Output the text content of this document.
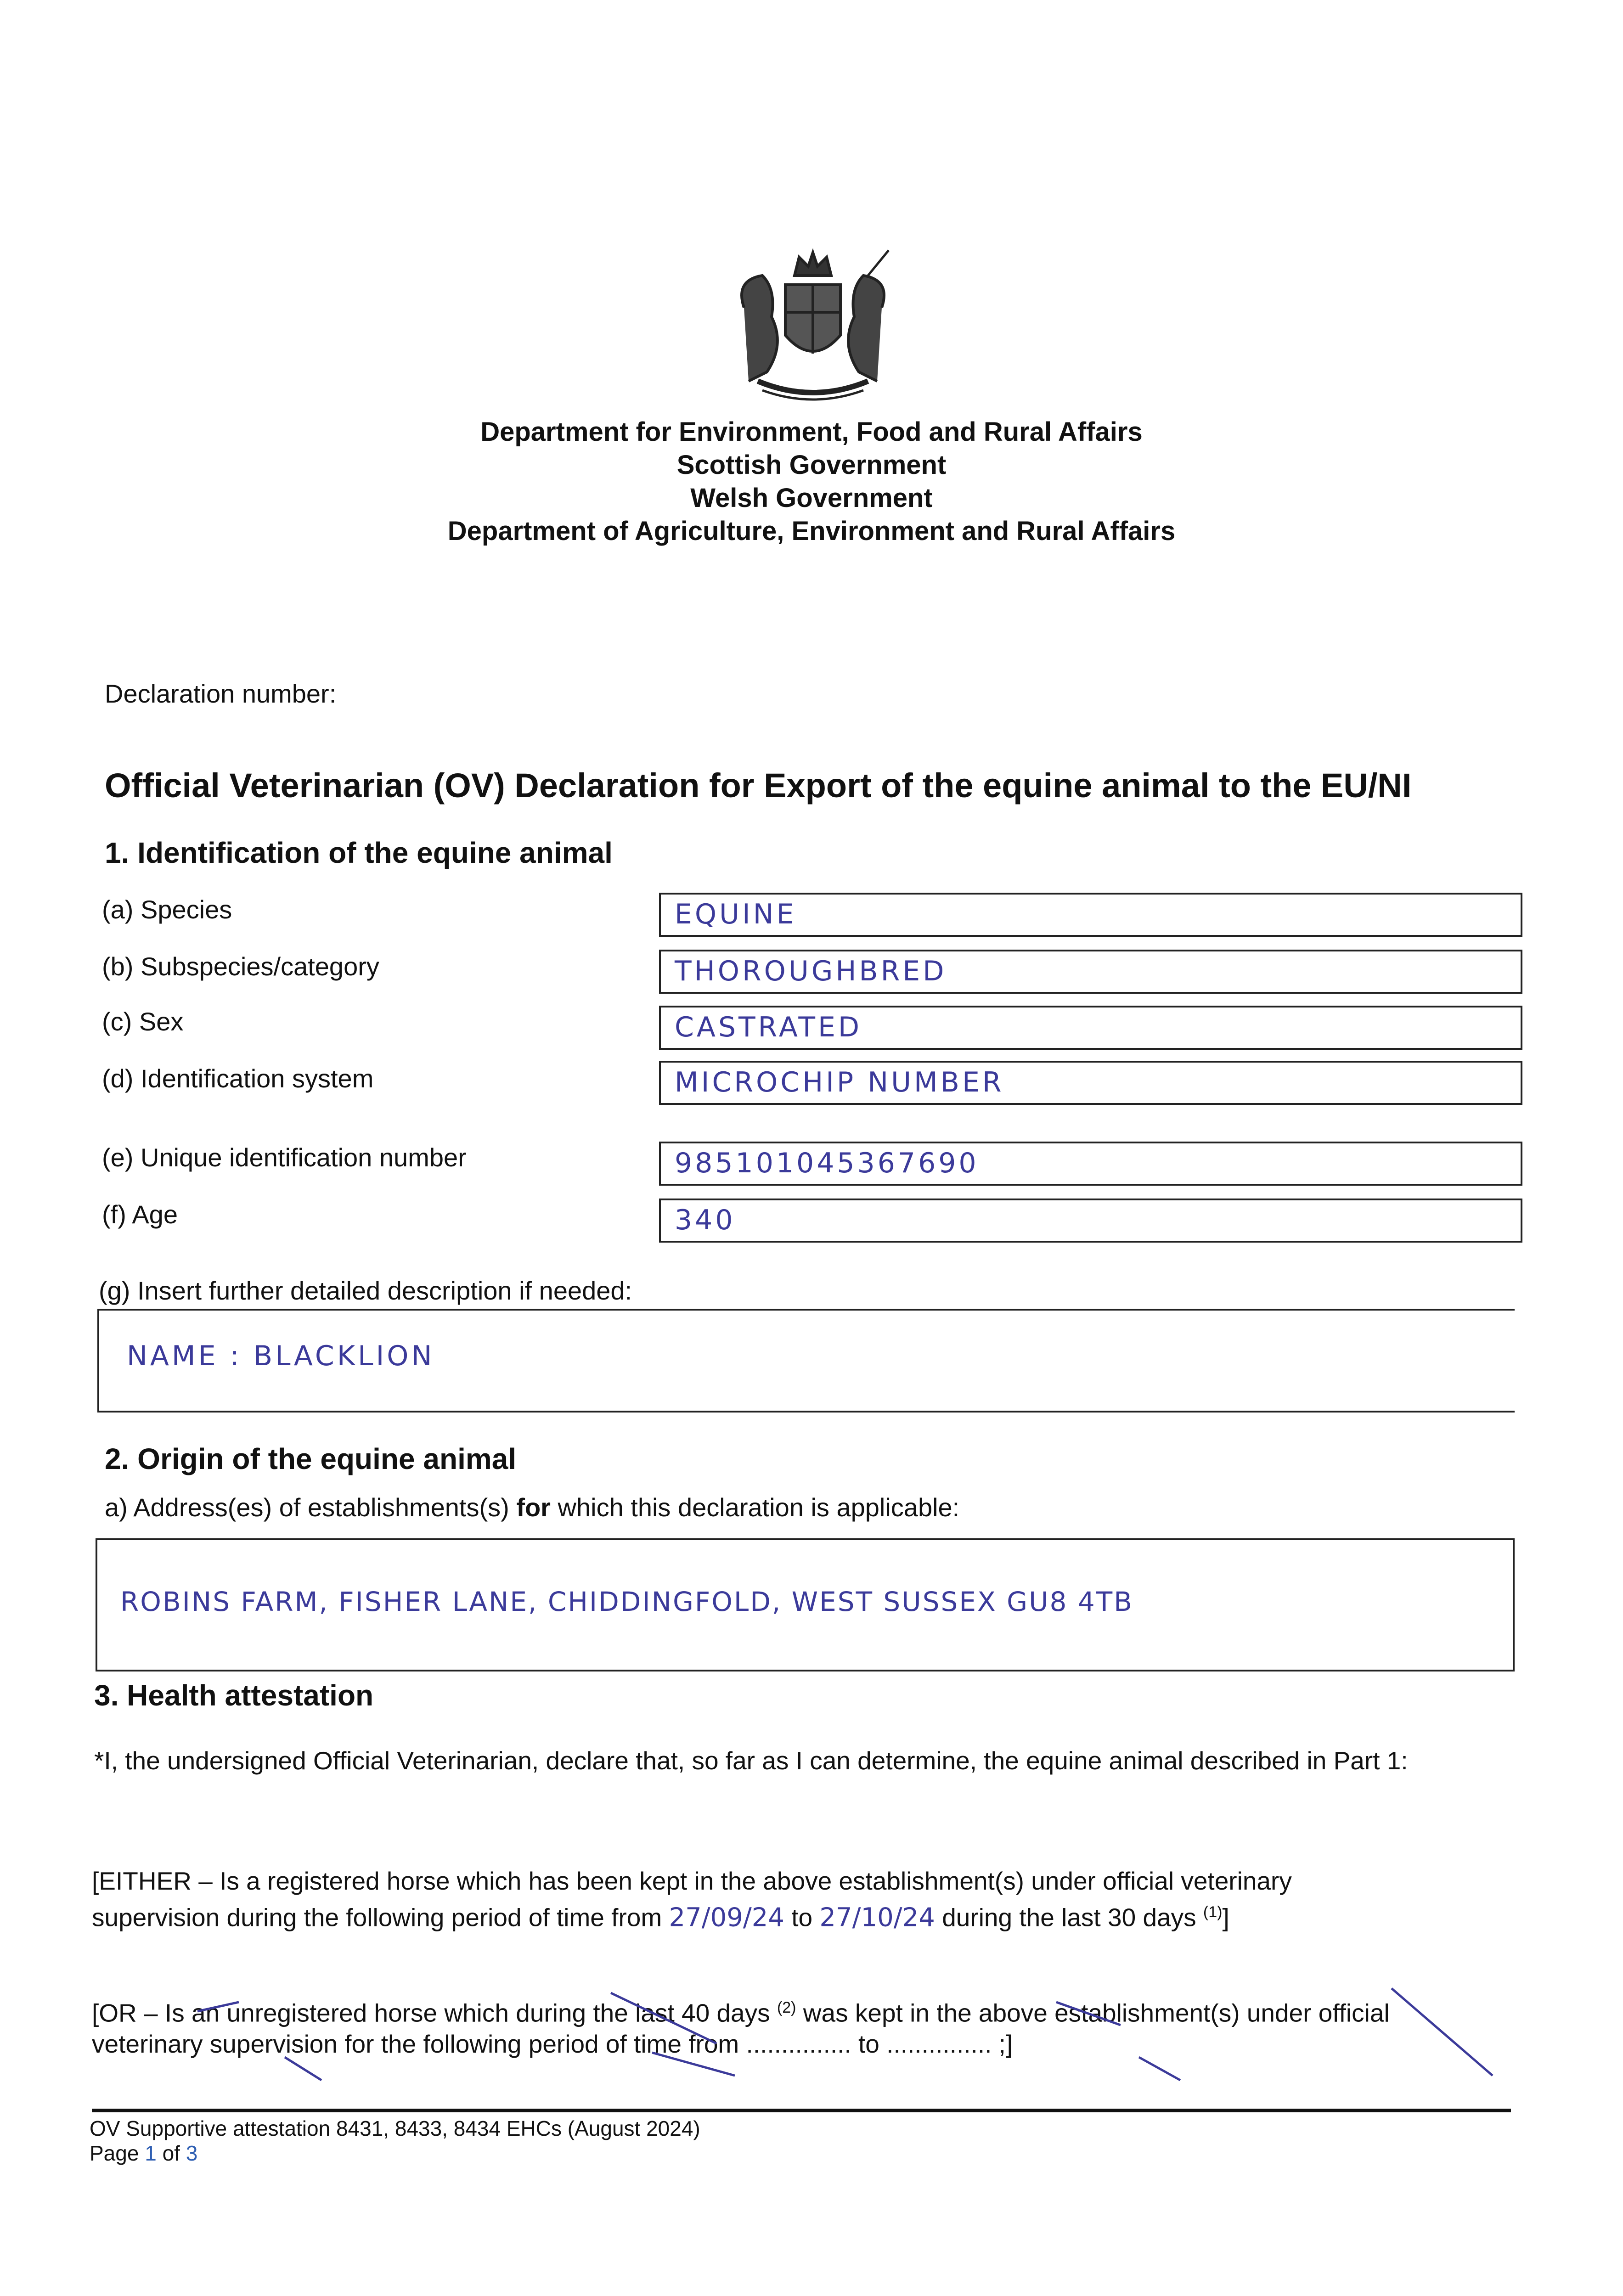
Department for Environment, Food and Rural Affairs
Scottish Government
Welsh Government
Department of Agriculture, Environment and Rural Affairs
Declaration number:
Official Veterinarian (OV) Declaration for Export of the equine animal to the EU/NI
1. Identification of the equine animal
(a) Species	EQUINE
(b) Subspecies/category	THOROUGHBRED
(c) Sex	CASTRATED
(d) Identification system	MICROCHIP NUMBER
(e) Unique identification number	985101045367690
(f) Age	340
(g) Insert further detailed description if needed:
NAME : BLACKLION
2. Origin of the equine animal
a) Address(es) of establishments(s) for which this declaration is applicable:
ROBINS FARM, FISHER LANE, CHIDDINGFOLD, WEST SUSSEX GU8 4TB
3. Health attestation
*I, the undersigned Official Veterinarian, declare that, so far as I can determine, the equine animal described in Part 1:
[EITHER – Is a registered horse which has been kept in the above establishment(s) under official veterinary
supervision during the following period of time from 27/09/24 to 27/10/24 during the last 30 days $^{(1)}$]
[OR – Is an unregistered horse which during the last 40 days $^{(2)}$ was kept in the above establishment(s) under official
veterinary supervision for the following period of time from ............... to ............... ;]
OV Supportive attestation 8431, 8433, 8434 EHCs (August 2024)
Page 1 of 3
